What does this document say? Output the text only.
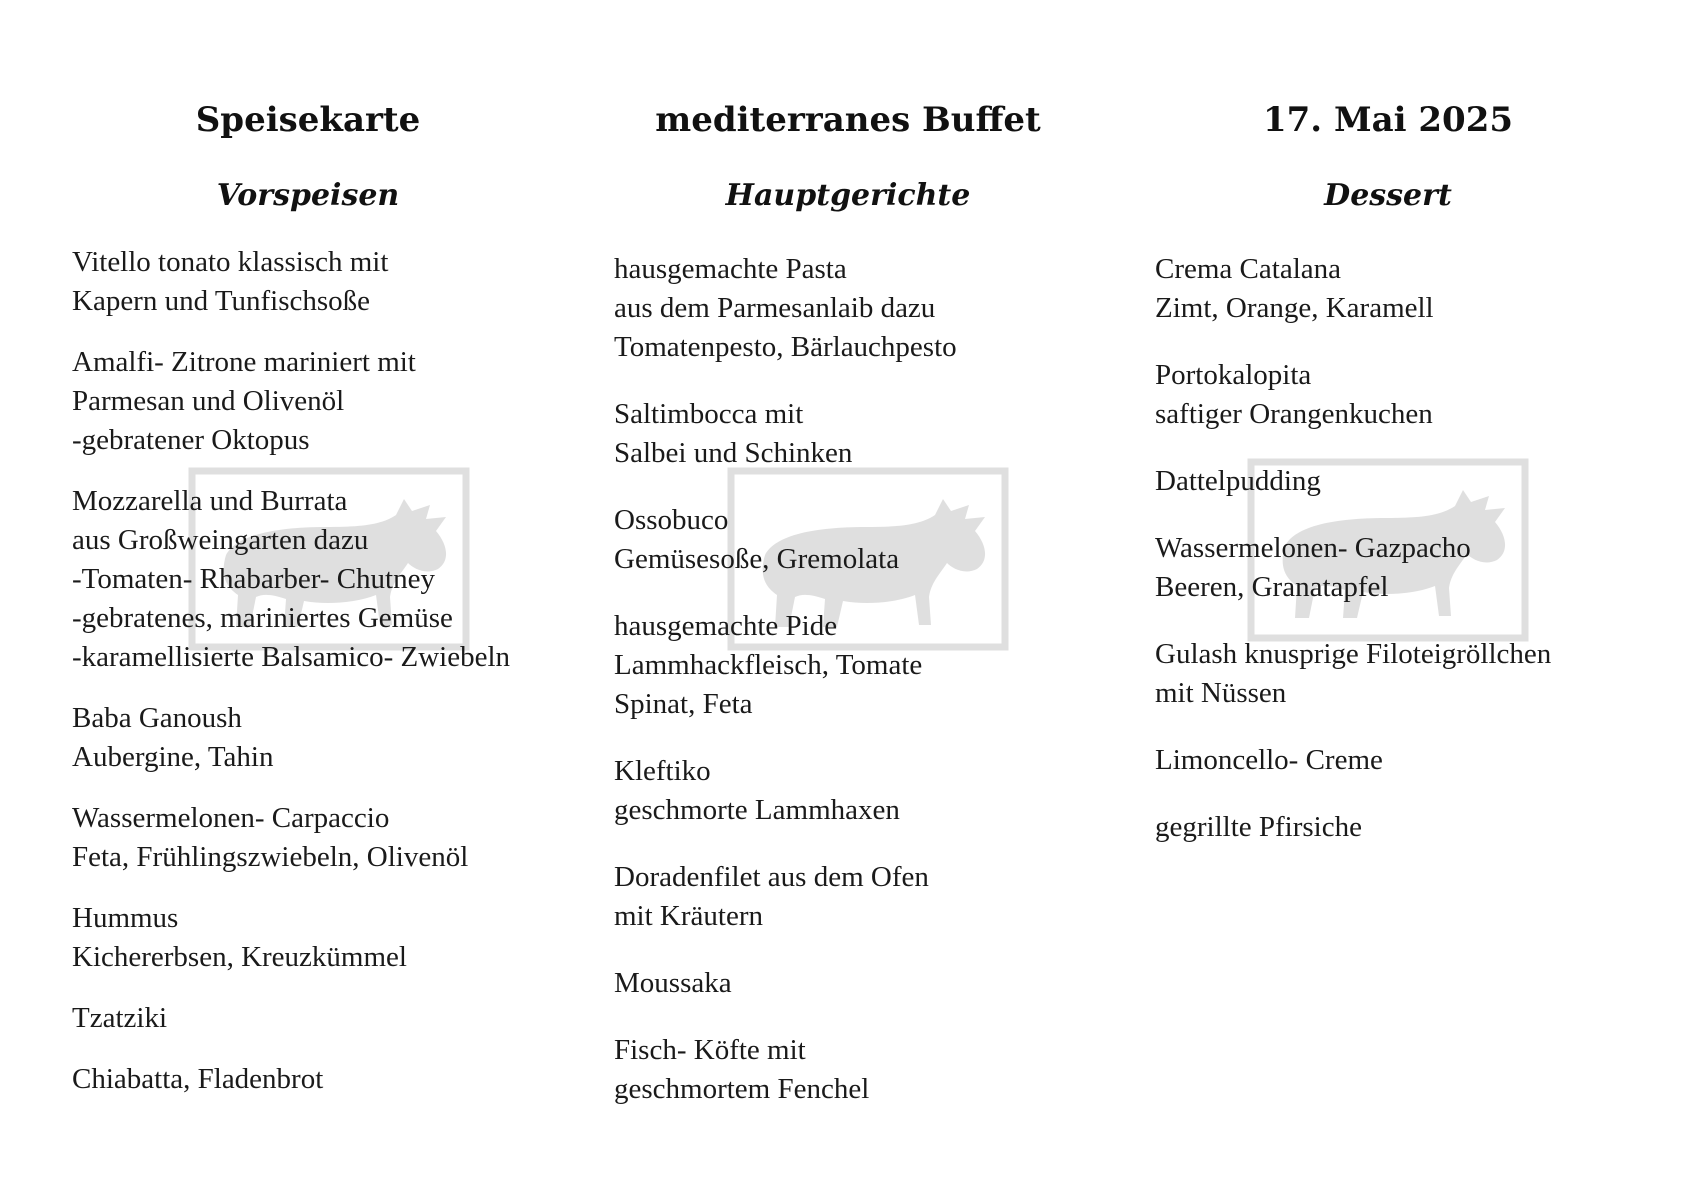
Speisekarte	mediterranes Buffet	17. Mai 2025
Vorspeisen	Hauptgerichte	Dessert
Vitello tonato klassisch mit
Kapern und Tunfischsoße
Amalfi- Zitrone mariniert mit
Parmesan und Olivenöl
-gebratener Oktopus
Mozzarella und Burrata
aus Großweingarten dazu
-Tomaten- Rhabarber- Chutney
-gebratenes, mariniertes Gemüse
-karamellisierte Balsamico- Zwiebeln
Baba Ganoush
Aubergine, Tahin
Wassermelonen- Carpaccio
Feta, Frühlingszwiebeln, Olivenöl
Hummus
Kichererbsen, Kreuzkümmel
Tzatziki
Chiabatta, Fladenbrot
hausgemachte Pasta
aus dem Parmesanlaib dazu
Tomatenpesto, Bärlauchpesto
Saltimbocca mit
Salbei und Schinken
Ossobuco
Gemüsesoße, Gremolata
hausgemachte Pide
Lammhackfleisch, Tomate
Spinat, Feta
Kleftiko
geschmorte Lammhaxen
Doradenfilet aus dem Ofen
mit Kräutern
Moussaka
Fisch- Köfte mit
geschmortem Fenchel
Crema Catalana
Zimt, Orange, Karamell
Portokalopita
saftiger Orangenkuchen
Dattelpudding
Wassermelonen- Gazpacho
Beeren, Granatapfel
Gulash knusprige Filoteigröllchen
mit Nüssen
Limoncello- Creme
gegrillte Pfirsiche
